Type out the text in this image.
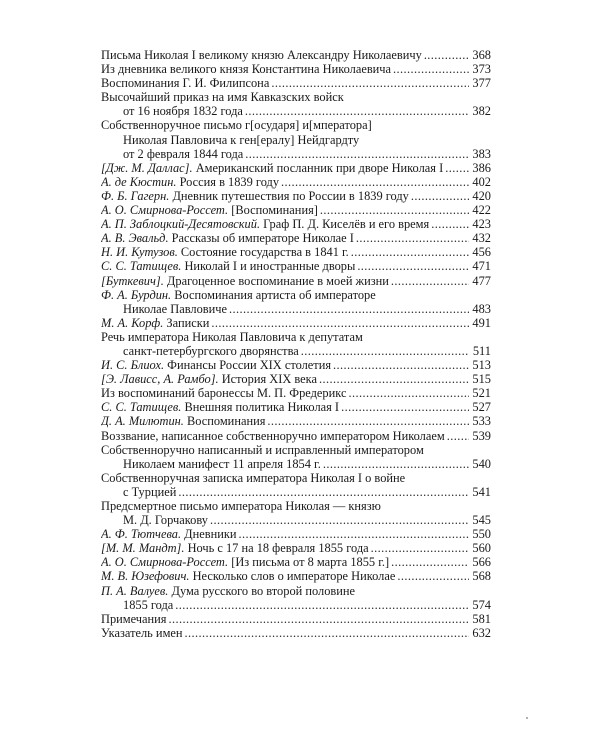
Письма Николая I великому князю Александру Николаевичу .....	368
Из дневника великого князя Константина Николаевича .....	373
Воспоминания Г. И. Филипсона .....	377
Высочайший приказ на имя Кавказских войск
от 16 ноября 1832 года .....	382
Собственноручное письмо г[осударя] и[мператора]
Николая Павловича к ген[ералу] Нейдгардту
от 2 февраля 1844 года .....	383
[Дж. М. Даллас]. Американский посланник при дворе Николая I ..... 386
А. де Кюстин. Россия в 1839 году .....	402
Ф. Б. Гагерн. Дневник путешествия по России в 1839 году .....	420
А. О. Смирнова-Россет. [Воспоминания] .....	422
А. П. Заблоцкий-Десятовский. Граф П. Д. Киселёв и его время .....	423
А. В. Эвальд. Рассказы об императоре Николае I .....	432
Н. И. Кутузов. Состояние государства в 1841 г. .....	456
С. С. Татищев. Николай I и иностранные дворы .....	471
[Буткевич]. Драгоценное воспоминание в моей жизни .....	477
Ф. А. Бурдин. Воспоминания артиста об императоре
Николае Павловиче .....	483
М. А. Корф. Записки .....	491
Речь императора Николая Павловича к депутатам
санкт-петербургского дворянства .....	511
И. С. Блиох. Финансы России XIX столетия .....	513
[Э. Лависс, А. Рамбо]. История XIX века .....	515
Из воспоминаний баронессы М. П. Фредерикс .....	521
С. С. Татищев. Внешняя политика Николая I .....	527
Д. А. Милютин. Воспоминания .....	533
Воззвание, написанное собственноручно императором Николаем ..... 539
Собственноручно написанный и исправленный императором
Николаем манифест 11 апреля 1854 г. .....	540
Собственноручная записка императора Николая I о войне
с Турцией .....	541
Предсмертное письмо императора Николая — князю
М. Д. Горчакову .....	545
А. Ф. Тютчева. Дневники .....	550
[М. М. Мандт]. Ночь с 17 на 18 февраля 1855 года .....	560
А. О. Смирнова-Россет. [Из письма от 8 марта 1855 г.] .....	566
М. В. Юзефович. Несколько слов о императоре Николае .....	568
П. А. Валуев. Дума русского во второй половине
1855 года .....	574
Примечания .....	581
Указатель имен .....	632
